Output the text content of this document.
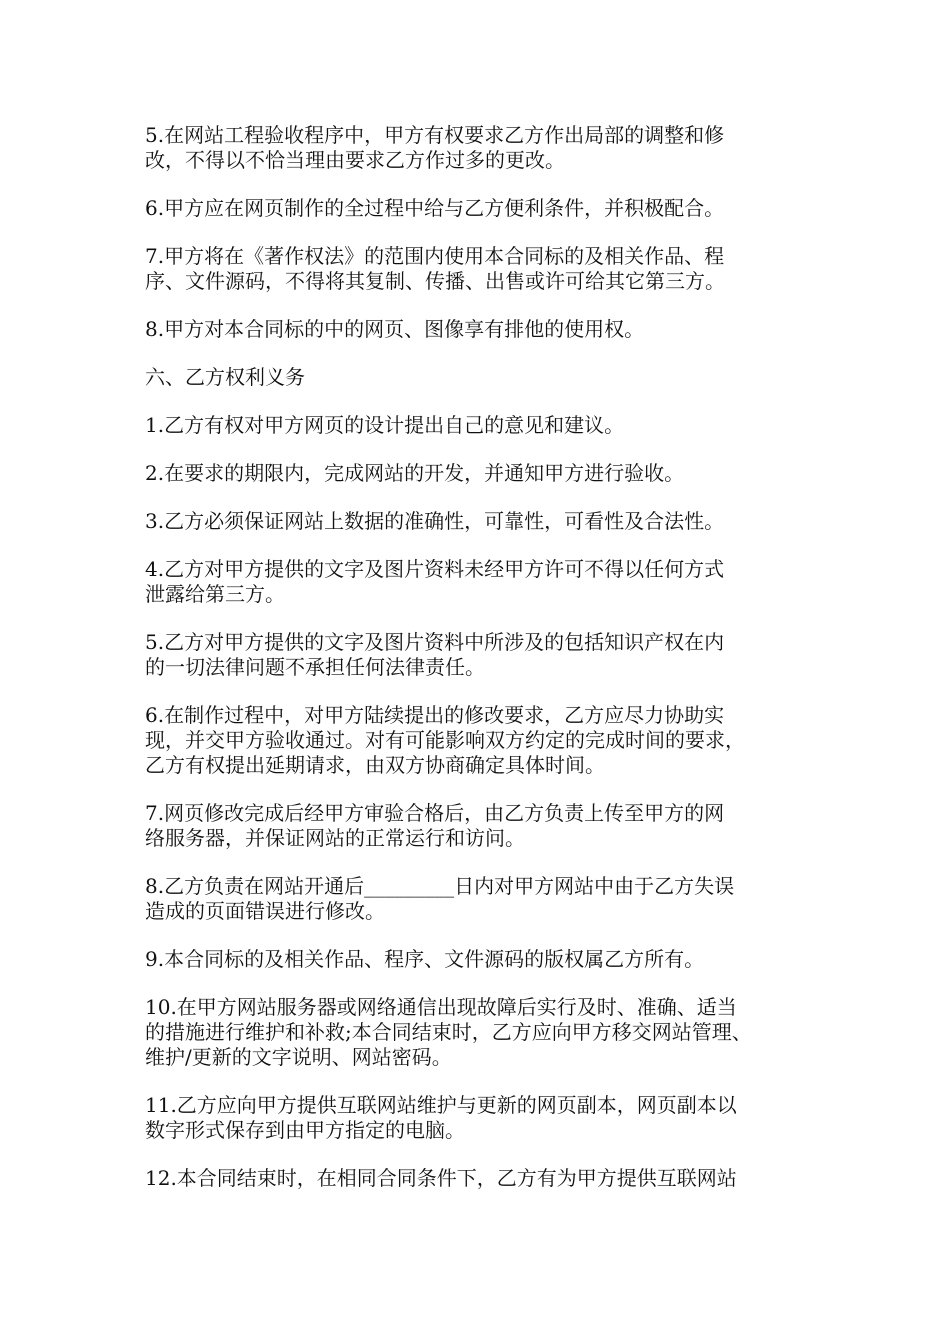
5.在网站工程验收程序中，甲方有权要求乙方作出局部的调整和修
改，不得以不恰当理由要求乙方作过多的更改。
6.甲方应在网页制作的全过程中给与乙方便利条件，并积极配合。
7.甲方将在《著作权法》的范围内使用本合同标的及相关作品、程
序、文件源码，不得将其复制、传播、出售或许可给其它第三方。
8.甲方对本合同标的中的网页、图像享有排他的使用权。
六、乙方权利义务
1.乙方有权对甲方网页的设计提出自己的意见和建议。
2.在要求的期限内，完成网站的开发，并通知甲方进行验收。
3.乙方必须保证网站上数据的准确性，可靠性，可看性及合法性。
4.乙方对甲方提供的文字及图片资料未经甲方许可不得以任何方式
泄露给第三方。
5.乙方对甲方提供的文字及图片资料中所涉及的包括知识产权在内
的一切法律问题不承担任何法律责任。
6.在制作过程中，对甲方陆续提出的修改要求，乙方应尽力协助实
现，并交甲方验收通过。对有可能影响双方约定的完成时间的要求，
乙方有权提出延期请求，由双方协商确定具体时间。
7.网页修改完成后经甲方审验合格后，由乙方负责上传至甲方的网
络服务器，并保证网站的正常运行和访问。
8.乙方负责在网站开通后_________日内对甲方网站中由于乙方失误
造成的页面错误进行修改。
9.本合同标的及相关作品、程序、文件源码的版权属乙方所有。
10.在甲方网站服务器或网络通信出现故障后实行及时、准确、适当
的措施进行维护和补救;本合同结束时，乙方应向甲方移交网站管理、
维护/更新的文字说明、网站密码。
11.乙方应向甲方提供互联网站维护与更新的网页副本，网页副本以
数字形式保存到由甲方指定的电脑。
12.本合同结束时，在相同合同条件下，乙方有为甲方提供互联网站
